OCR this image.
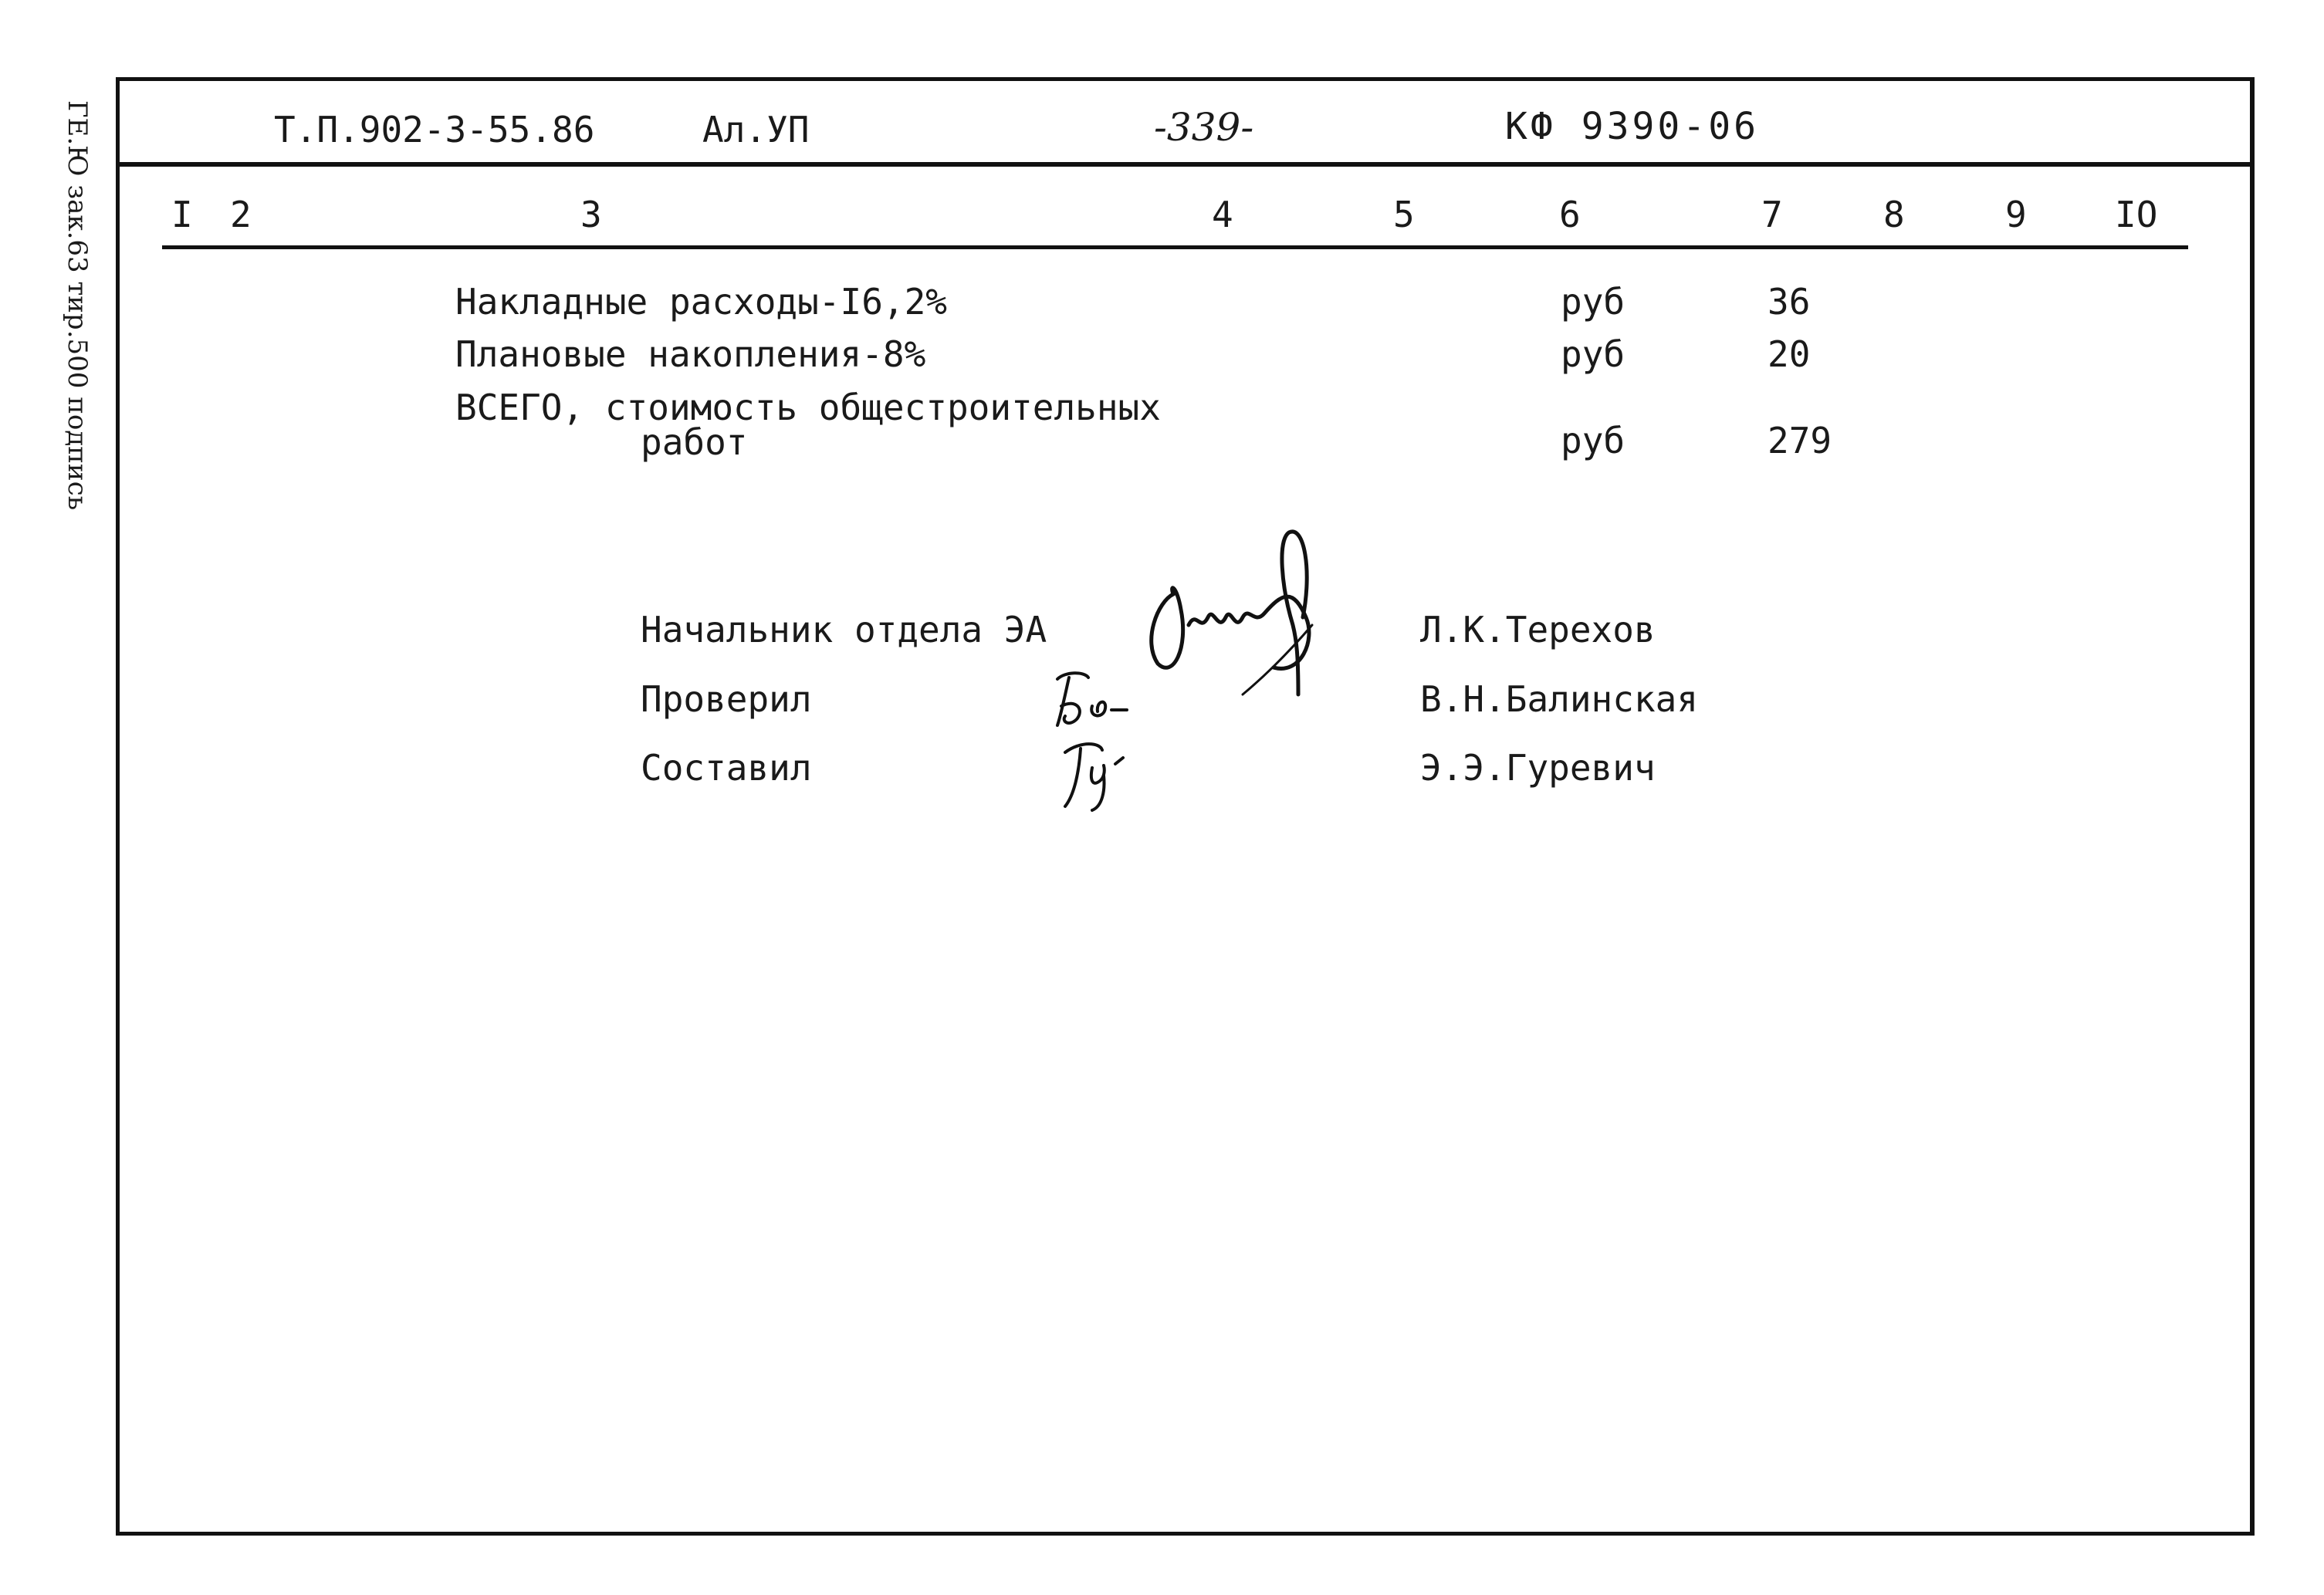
ГЕ.Ю зак.63 тир.500 подпись	Т.П.902-3-55.86	Ал.УП	-339-	КФ 9390-06
I 2	3	4	5	6	7	8	9 IO
Накладные расходы-I6,2%	руб	36
Плановые накопления-8%	руб	20
ВСЕГО, стоимость общестроительных
работ	руб	279
Начальник отдела ЭА	Л.К.Терехов
Проверил	В.Н.Балинская
Составил	Э.Э.Гуревич
